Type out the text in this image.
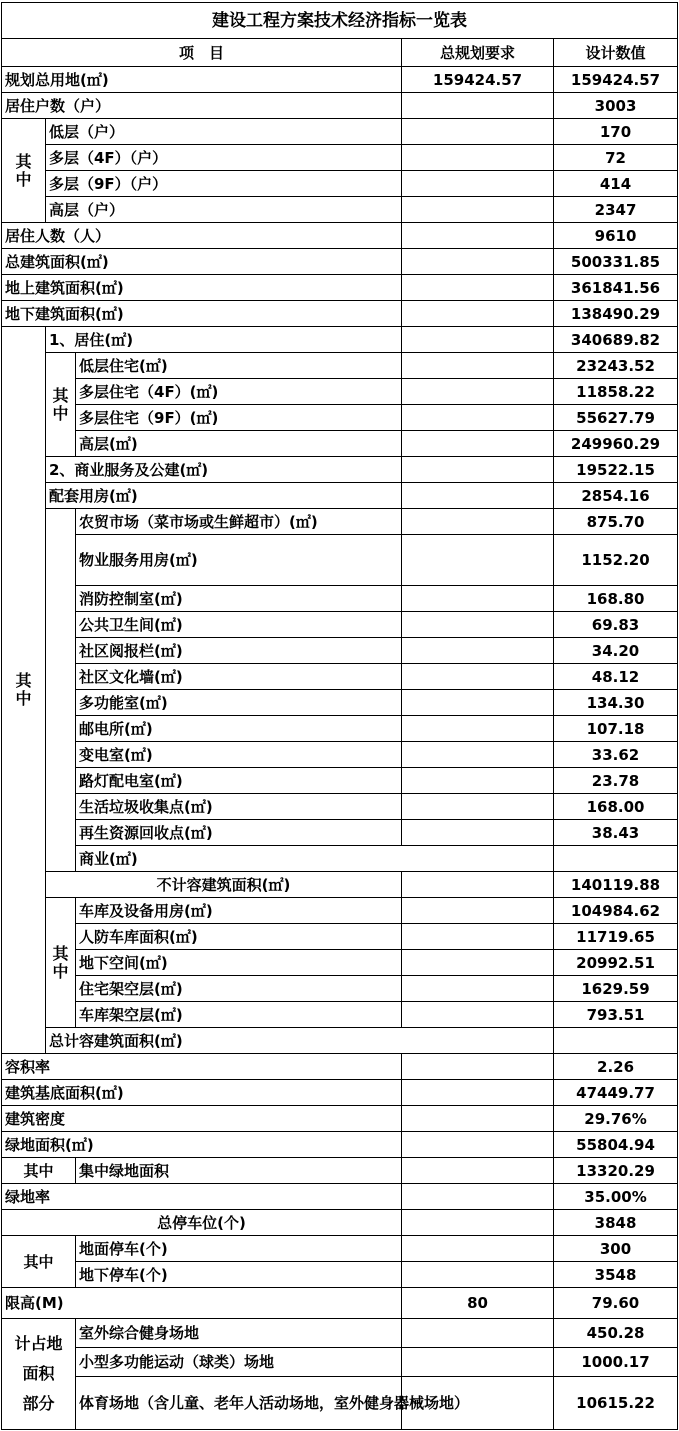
建设工程方案技术经济指标一览表					
项　目			总规划要求	设计数值	
规划总用地(㎡)			159424.57	159424.57	
居住户数（户）				3003	
其
中	低层（户）			170	
	多层（4F）（户）			72	
	多层（9F）（户）			414	
	高层（户）			2347	
居住人数（人）				9610	
总建筑面积(㎡)				500331.85	
地上建筑面积(㎡)				361841.56	
地下建筑面积(㎡)				138490.29	
其
中	1、居住(㎡)			340689.82	
	其
中	低层住宅(㎡)		23243.52	
		多层住宅（4F）(㎡)		11858.22	
		多层住宅（9F）(㎡)		55627.79	
		高层(㎡)		249960.29	
	2、商业服务及公建(㎡)			19522.15	
	配套用房(㎡)			2854.16	
		农贸市场（菜市场或生鲜超市）(㎡)		875.70	
		物业服务用房(㎡)		1152.20	
		消防控制室(㎡)		168.80	
		公共卫生间(㎡)		69.83	
		社区阅报栏(㎡)		34.20	
		社区文化墙(㎡)		48.12	
		多功能室(㎡)		134.30	
		邮电所(㎡)		107.18	
		变电室(㎡)		33.62	
		路灯配电室(㎡)		23.78	
		生活垃圾收集点(㎡)		168.00	
		再生资源回收点(㎡)		38.43	
		商业(㎡)		
	不计容建筑面积(㎡)			140119.88	
	其
中	车库及设备用房(㎡)		104984.62	
		人防车库面积(㎡)		11719.65	
		地下空间(㎡)		20992.51	
		住宅架空层(㎡)		1629.59	
		车库架空层(㎡)		793.51	
	总计容建筑面积(㎡)		
容积率				2.26	
建筑基底面积(㎡)				47449.77	
建筑密度				29.76%	
绿地面积(㎡)				55804.94	
其中		集中绿地面积		13320.29	
绿地率				35.00%	
总停车位(个)				3848	
其中		地面停车(个)		300	
		地下停车(个)		3548	
限高(M)			80	79.60	
计占地
面积
部分		室外综合健身场地		450.28	
		小型多功能运动（球类）场地		1000.17	
		体育场地（含儿童、老年人活动场地，室外健身器械场地）		10615.22	
